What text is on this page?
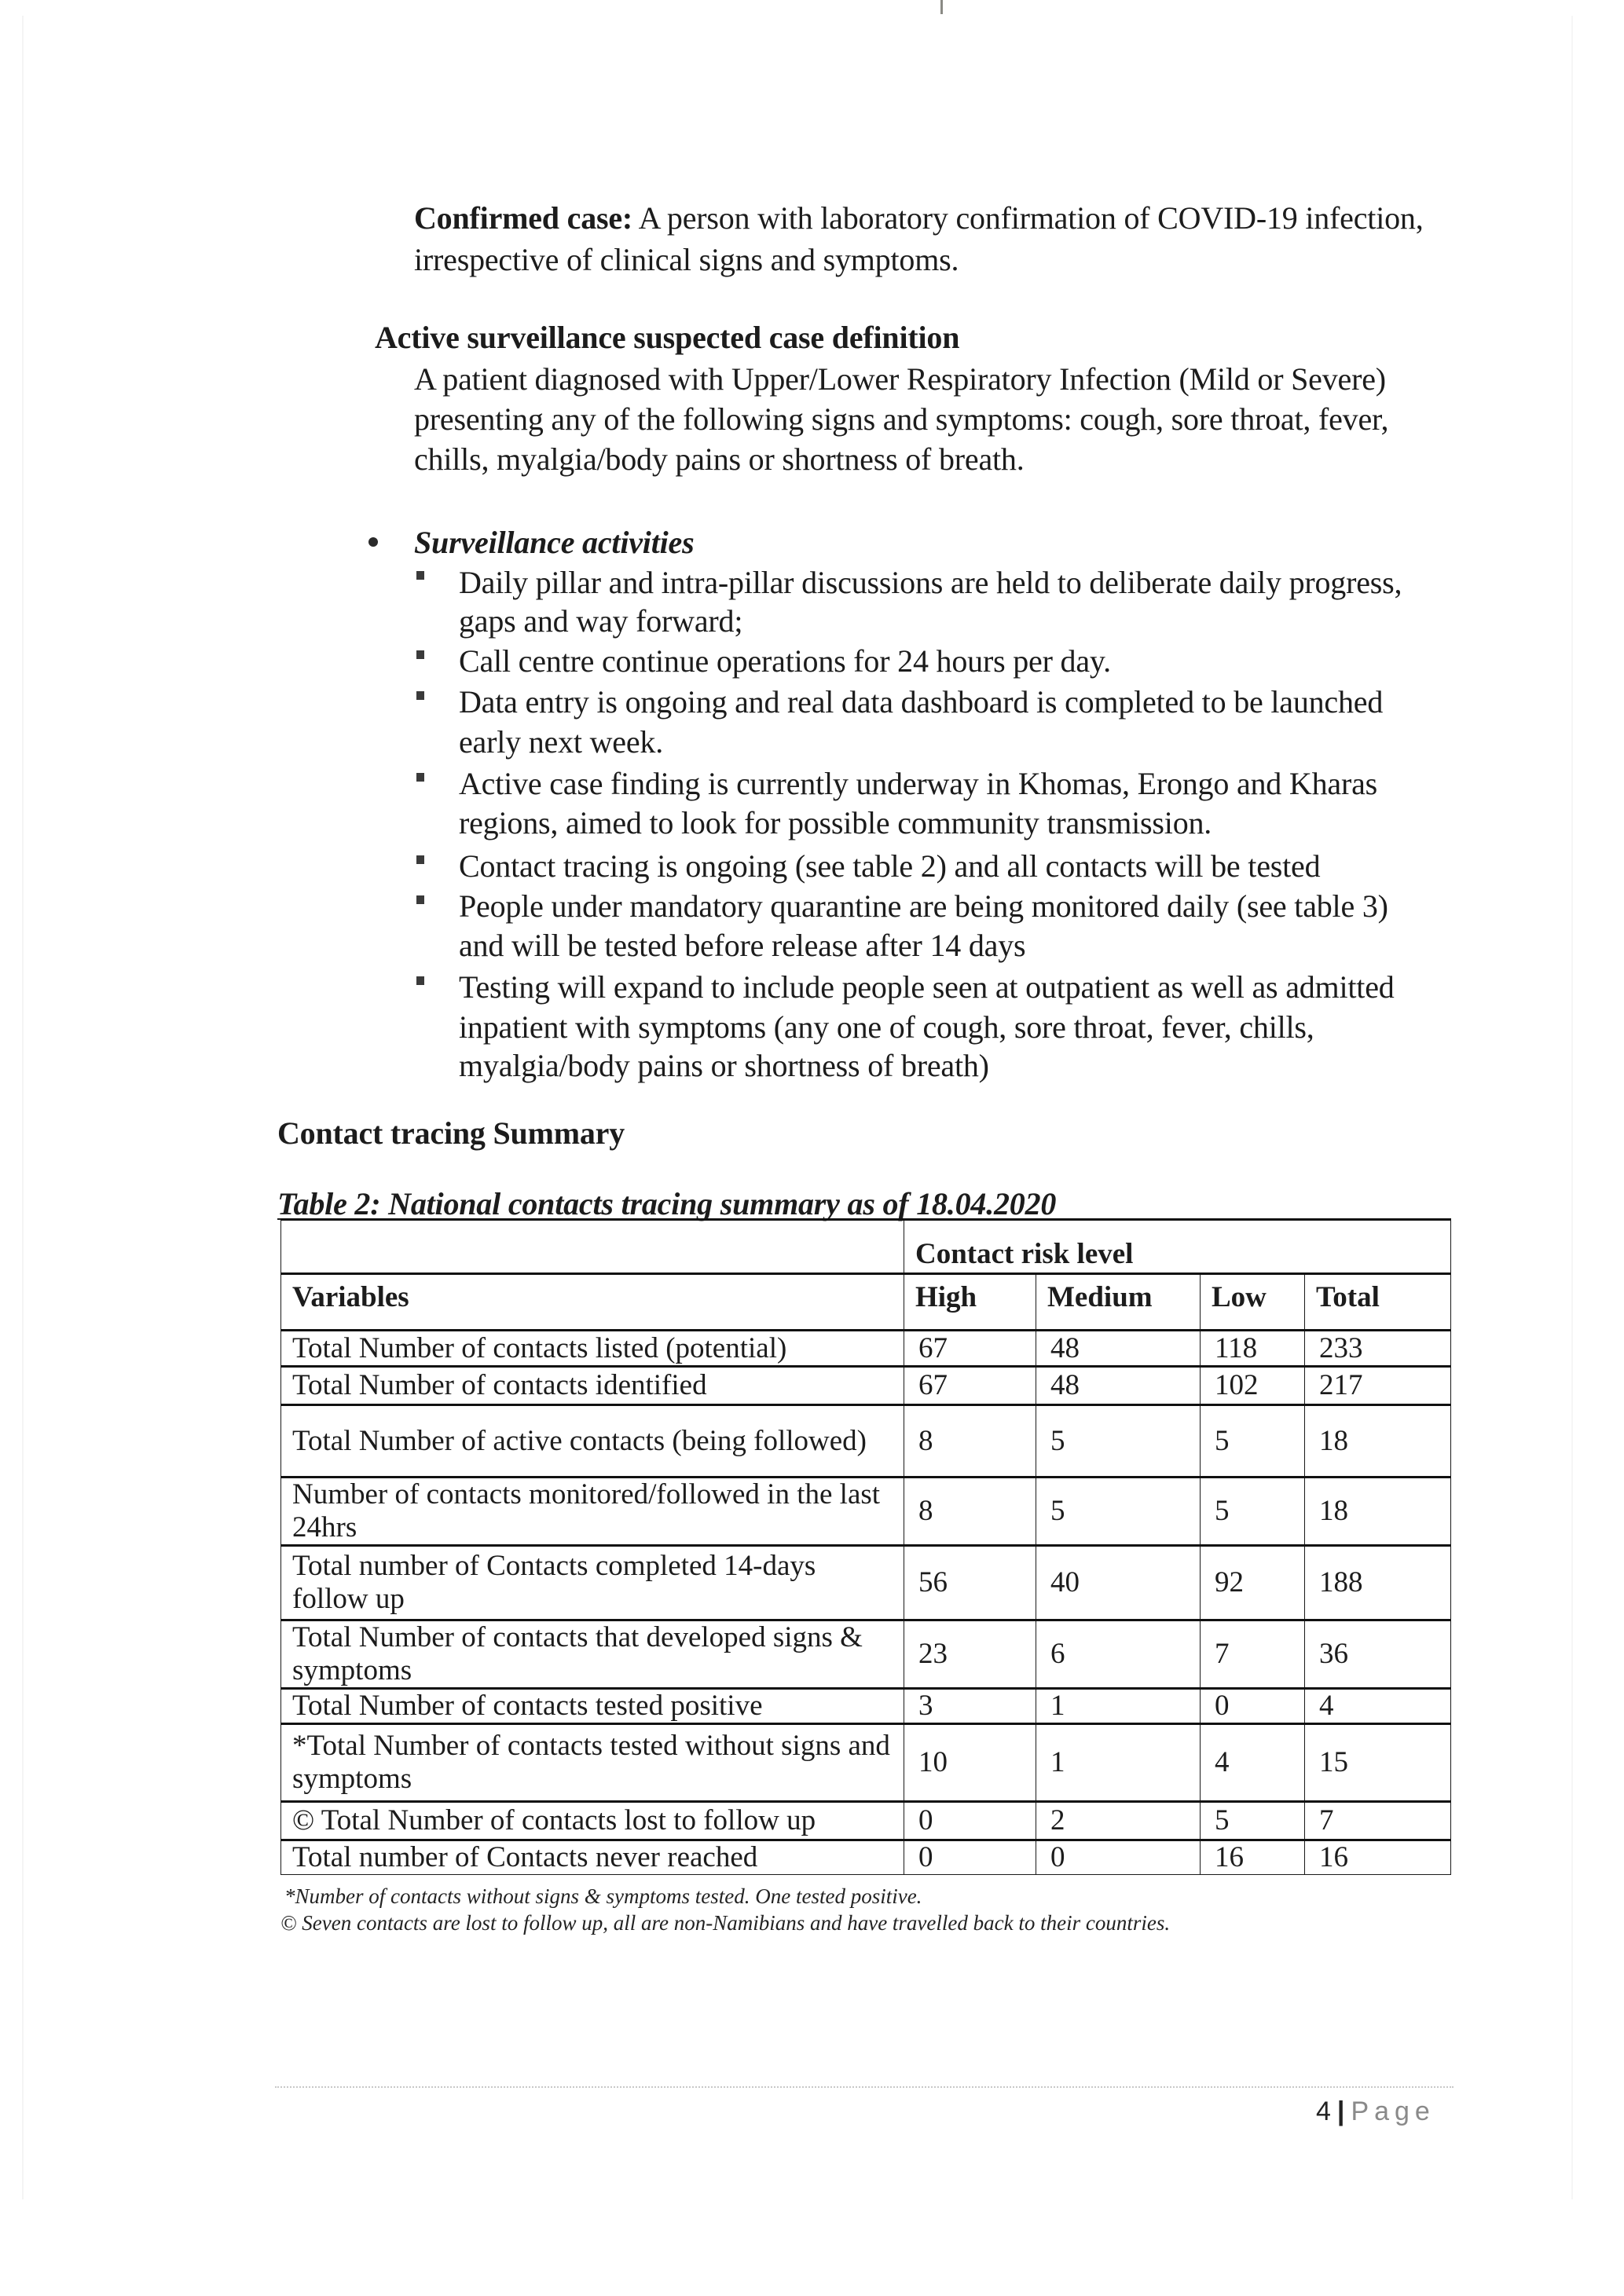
Confirmed case: A person with laboratory confirmation of COVID-19 infection,
irrespective of clinical signs and symptoms.
Active surveillance suspected case definition
A patient diagnosed with Upper/Lower Respiratory Infection (Mild or Severe)
presenting any of the following signs and symptoms: cough, sore throat, fever,
chills, myalgia/body pains or shortness of breath.
Surveillance activities
Daily pillar and intra-pillar discussions are held to deliberate daily progress,
gaps and way forward;
Call centre continue operations for 24 hours per day.
Data entry is ongoing and real data dashboard is completed to be launched
early next week.
Active case finding is currently underway in Khomas, Erongo and Kharas
regions, aimed to look for possible community transmission.
Contact tracing is ongoing (see table 2) and all contacts will be tested
People under mandatory quarantine are being monitored daily (see table 3)
and will be tested before release after 14 days
Testing will expand to include people seen at outpatient as well as admitted
inpatient with symptoms (any one of cough, sore throat, fever, chills,
myalgia/body pains or shortness of breath)
Contact tracing Summary
Table 2: National contacts tracing summary as of 18.04.2020
	Contact risk level			
Variables	High	Medium	Low	Total
Total Number of contacts listed (potential)	67	48	118	233
Total Number of contacts identified	67	48	102	217
Total Number of active contacts (being followed)	8	5	5	18
Number of contacts monitored/followed in the last 24hrs	8	5	5	18
Total number of Contacts completed 14-days follow up	56	40	92	188
Total Number of contacts that developed signs & symptoms	23	6	7	36
Total Number of contacts tested positive	3	1	0	4
*Total Number of contacts tested without signs and symptoms	10	1	4	15
© Total Number of contacts lost to follow up	0	2	5	7
Total number of Contacts never reached	0	0	16	16
*Number of contacts without signs & symptoms tested. One tested positive.
© Seven contacts are lost to follow up, all are non-Namibians and have travelled back to their countries.
4 | Page
